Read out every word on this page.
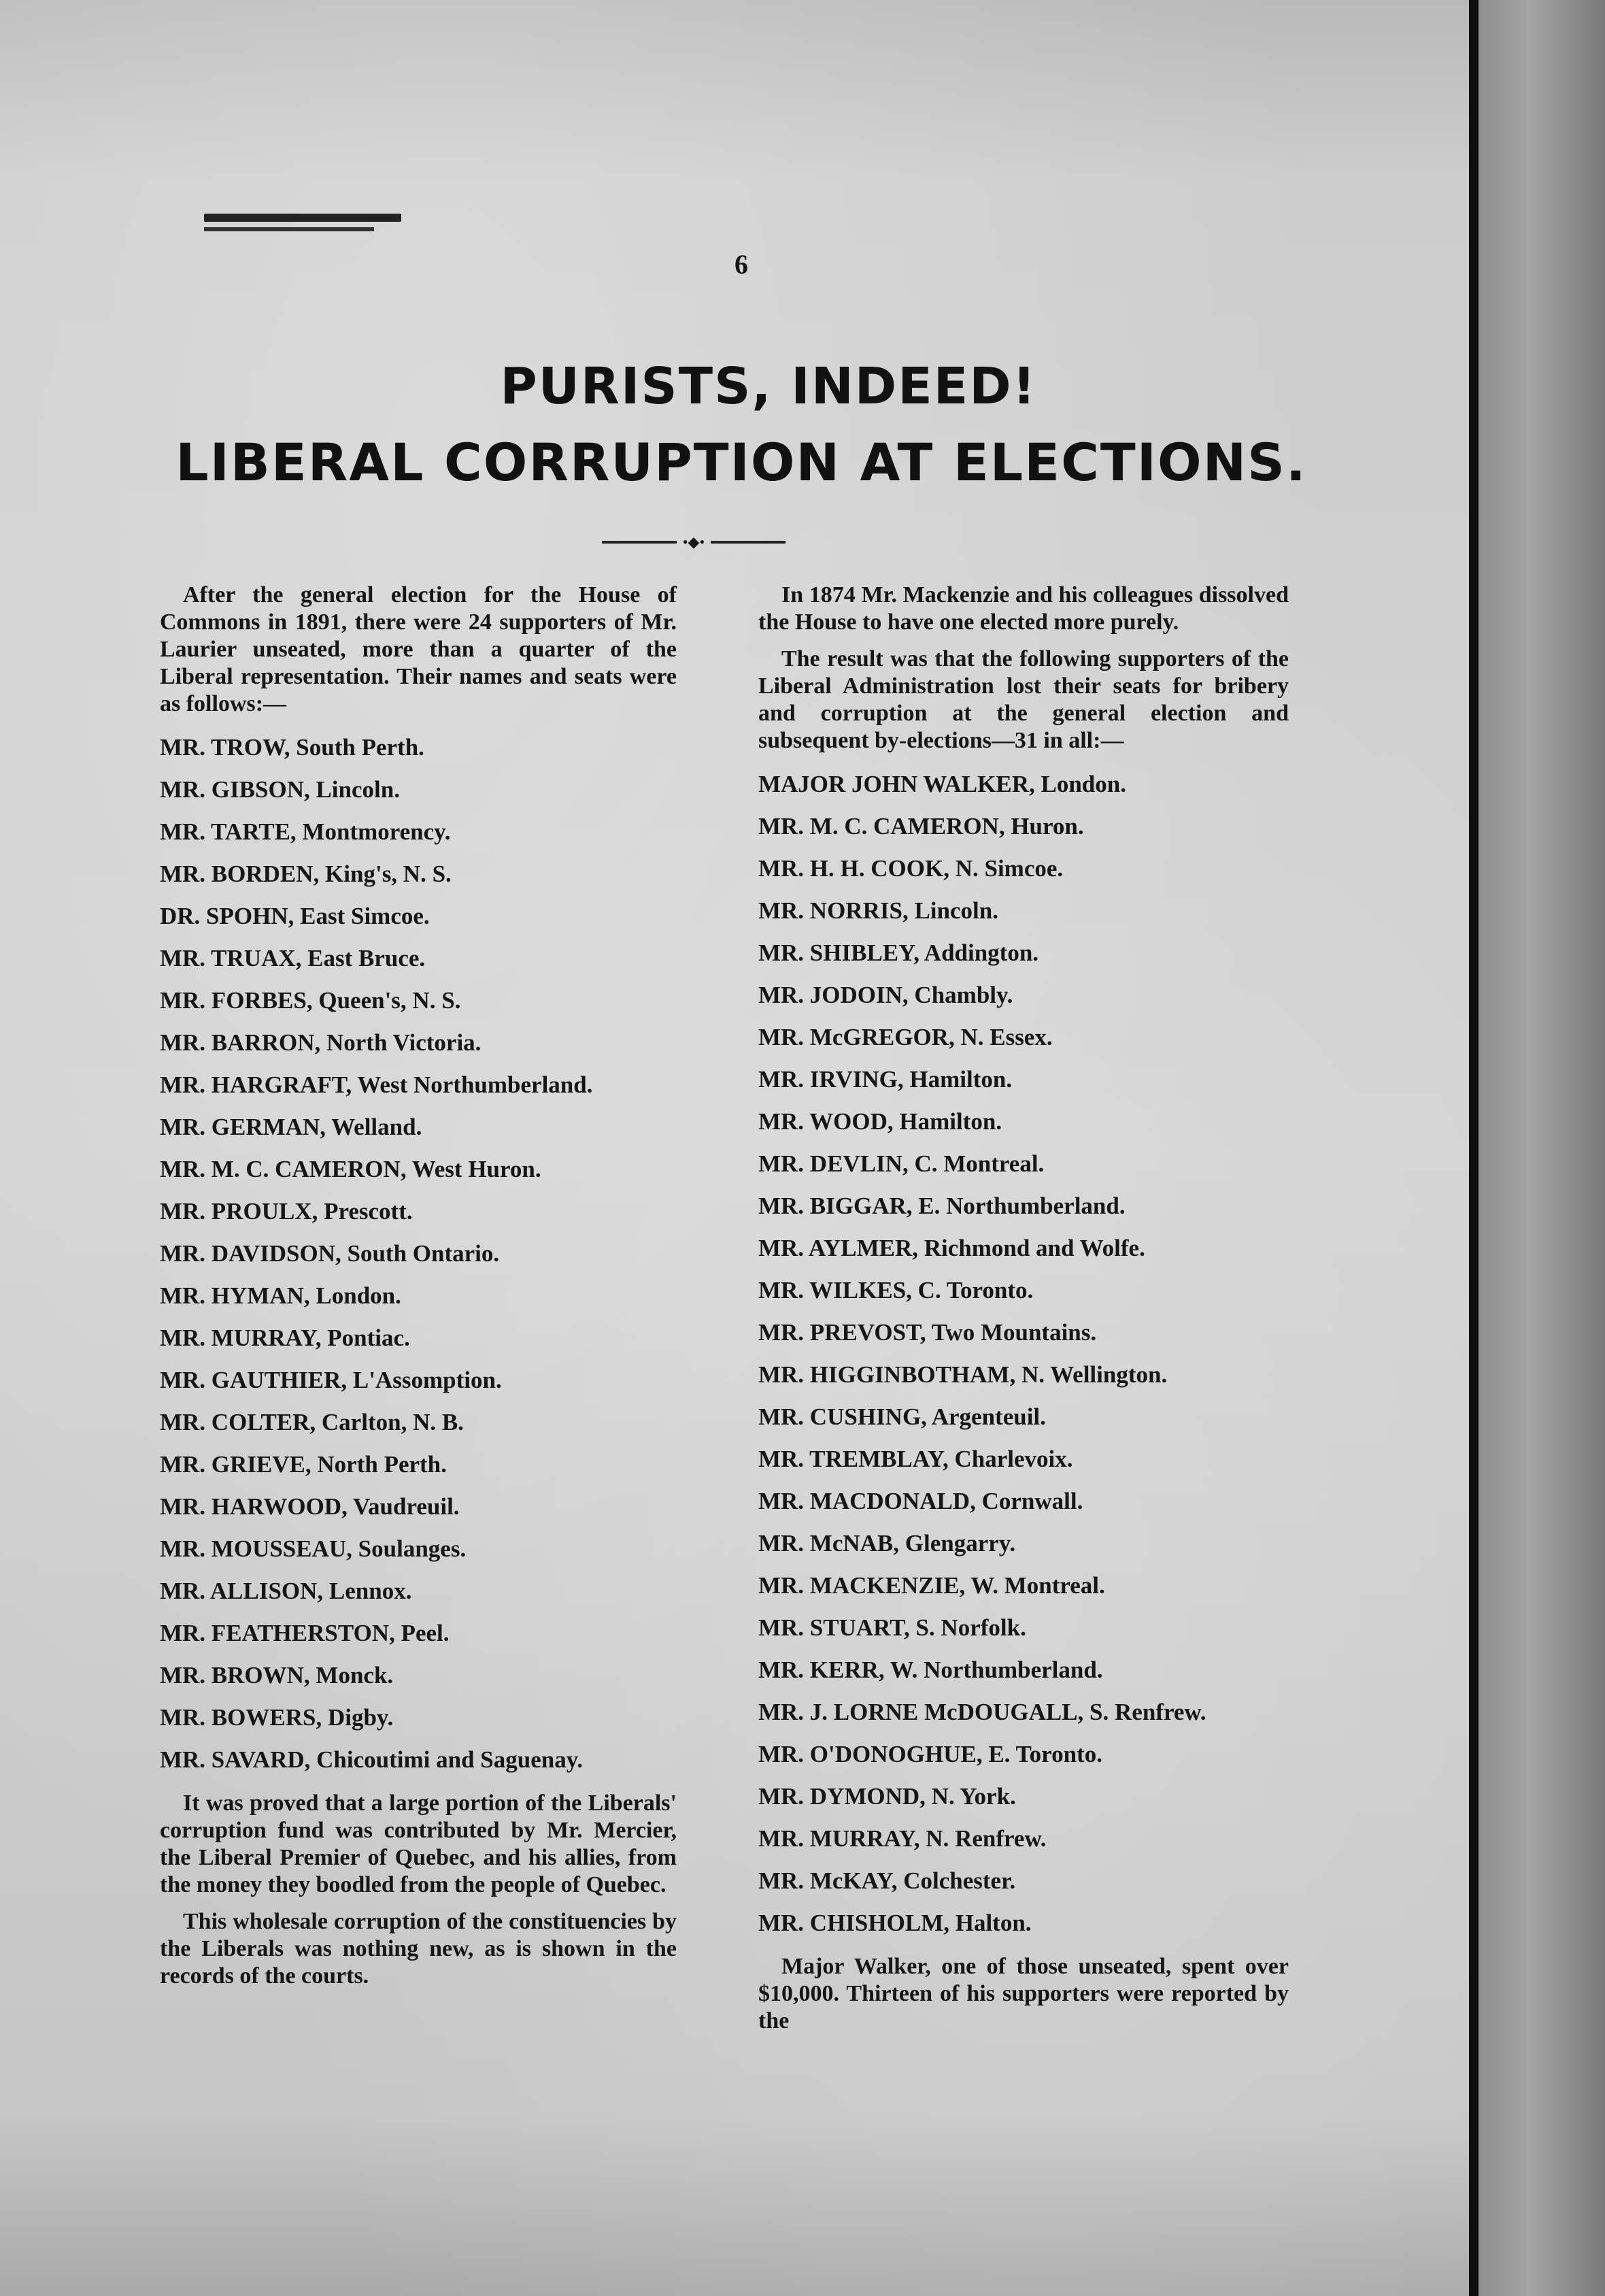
6

PURISTS, INDEED!
LIBERAL CORRUPTION AT ELECTIONS.
•◆•

After the general election for the House of Commons in 1891, there were 24 supporters of Mr. Laurier unseated, more than a quarter of the Liberal representation. Their names and seats were as follows:—

MR. TROW, South Perth.
MR. GIBSON, Lincoln.
MR. TARTE, Montmorency.
MR. BORDEN, King's, N. S.
DR. SPOHN, East Simcoe.
MR. TRUAX, East Bruce.
MR. FORBES, Queen's, N. S.
MR. BARRON, North Victoria.
MR. HARGRAFT, West Northumberland.
MR. GERMAN, Welland.
MR. M. C. CAMERON, West Huron.
MR. PROULX, Prescott.
MR. DAVIDSON, South Ontario.
MR. HYMAN, London.
MR. MURRAY, Pontiac.
MR. GAUTHIER, L'Assomption.
MR. COLTER, Carlton, N. B.
MR. GRIEVE, North Perth.
MR. HARWOOD, Vaudreuil.
MR. MOUSSEAU, Soulanges.
MR. ALLISON, Lennox.
MR. FEATHERSTON, Peel.
MR. BROWN, Monck.
MR. BOWERS, Digby.
MR. SAVARD, Chicoutimi and Saguenay.

It was proved that a large portion of the Liberals' corruption fund was contributed by Mr. Mercier, the Liberal Premier of Quebec, and his allies, from the money they boodled from the people of Quebec.

This wholesale corruption of the constituencies by the Liberals was nothing new, as is shown in the records of the courts.

In 1874 Mr. Mackenzie and his colleagues dissolved the House to have one elected more purely.

The result was that the following supporters of the Liberal Administration lost their seats for bribery and corruption at the general election and subsequent by-elections—31 in all:—

MAJOR JOHN WALKER, London.
MR. M. C. CAMERON, Huron.
MR. H. H. COOK, N. Simcoe.
MR. NORRIS, Lincoln.
MR. SHIBLEY, Addington.
MR. JODOIN, Chambly.
MR. McGREGOR, N. Essex.
MR. IRVING, Hamilton.
MR. WOOD, Hamilton.
MR. DEVLIN, C. Montreal.
MR. BIGGAR, E. Northumberland.
MR. AYLMER, Richmond and Wolfe.
MR. WILKES, C. Toronto.
MR. PREVOST, Two Mountains.
MR. HIGGINBOTHAM, N. Wellington.
MR. CUSHING, Argenteuil.
MR. TREMBLAY, Charlevoix.
MR. MACDONALD, Cornwall.
MR. McNAB, Glengarry.
MR. MACKENZIE, W. Montreal.
MR. STUART, S. Norfolk.
MR. KERR, W. Northumberland.
MR. J. LORNE McDOUGALL, S. Renfrew.
MR. O'DONOGHUE, E. Toronto.
MR. DYMOND, N. York.
MR. MURRAY, N. Renfrew.
MR. McKAY, Colchester.
MR. CHISHOLM, Halton.

Major Walker, one of those unseated, spent over $10,000. Thirteen of his supporters were reported by the
